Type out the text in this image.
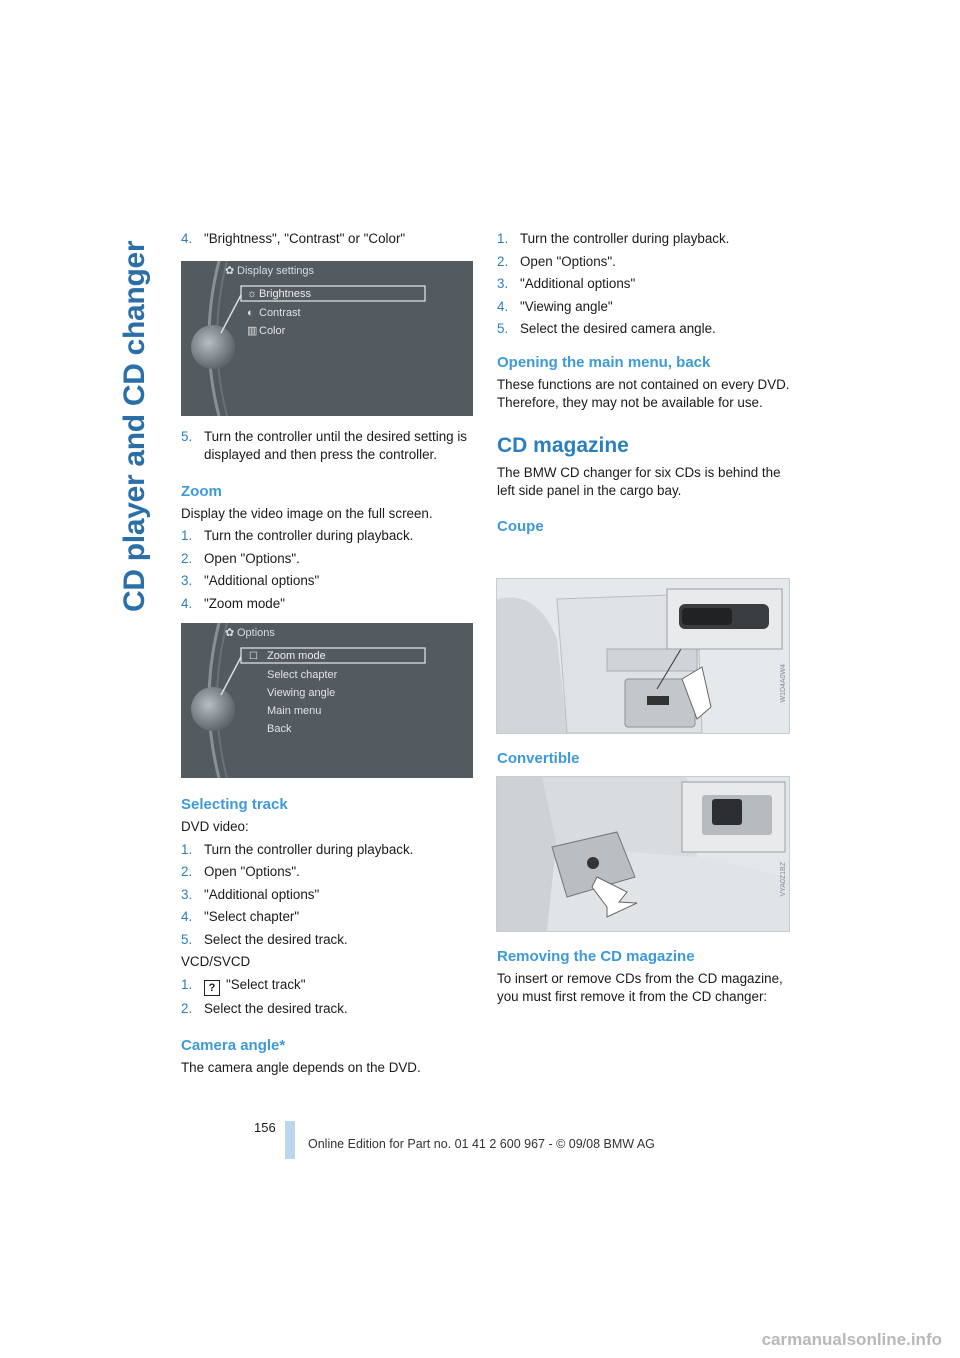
CD player and CD changer
4. "Brightness", "Contrast" or "Color"
✿ Display settings
☼ Brightness
◐ Contrast
▥ Color
5. Turn the controller until the desired setting is displayed and then press the controller.
Zoom

Display the video image on the full screen.

1. Turn the controller during playback.
2. Open "Options".
3. "Additional options"
4. "Zoom mode"
✿ Options
☐ Zoom mode
Select chapter
Viewing angle
Main menu
Back
Selecting track

DVD video:

1. Turn the controller during playback.
2. Open "Options".
3. "Additional options"
4. "Select chapter"
5. Select the desired track.

VCD/SVCD

1. ? "Select track"
2. Select the desired track.
Camera angle*

The camera angle depends on the DVD.

1. Turn the controller during playback.
2. Open "Options".
3. "Additional options"
4. "Viewing angle"
5. Select the desired camera angle.
Opening the main menu, back

These functions are not contained on every DVD. Therefore, they may not be available for use.

CD magazine

The BMW CD changer for six CDs is behind the left side panel in the cargo bay.

Coupe
W1D4A0W4
Convertible
VYA0Z1BZ
Removing the CD magazine

To insert or remove CDs from the CD magazine, you must first remove it from the CD changer:

156
Online Edition for Part no. 01 41 2 600 967 - © 09/08 BMW AG
carmanualsonline.info
